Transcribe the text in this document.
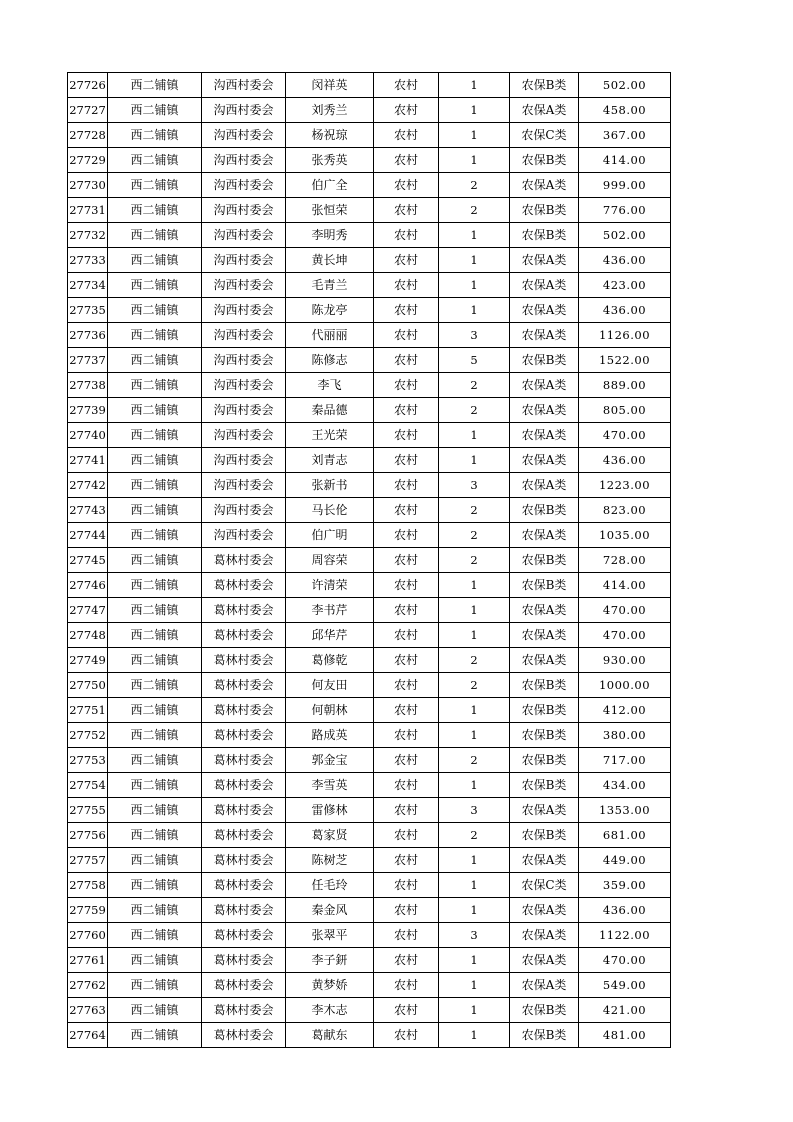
27726	西二铺镇	沟西村委会	闵祥英	农村	1	农保B类	502.00
27727	西二铺镇	沟西村委会	刘秀兰	农村	1	农保A类	458.00
27728	西二铺镇	沟西村委会	杨祝琼	农村	1	农保C类	367.00
27729	西二铺镇	沟西村委会	张秀英	农村	1	农保B类	414.00
27730	西二铺镇	沟西村委会	伯广全	农村	2	农保A类	999.00
27731	西二铺镇	沟西村委会	张恒荣	农村	2	农保B类	776.00
27732	西二铺镇	沟西村委会	李明秀	农村	1	农保B类	502.00
27733	西二铺镇	沟西村委会	黄长坤	农村	1	农保A类	436.00
27734	西二铺镇	沟西村委会	毛青兰	农村	1	农保A类	423.00
27735	西二铺镇	沟西村委会	陈龙亭	农村	1	农保A类	436.00
27736	西二铺镇	沟西村委会	代丽丽	农村	3	农保A类	1126.00
27737	西二铺镇	沟西村委会	陈修志	农村	5	农保B类	1522.00
27738	西二铺镇	沟西村委会	李飞	农村	2	农保A类	889.00
27739	西二铺镇	沟西村委会	秦品德	农村	2	农保A类	805.00
27740	西二铺镇	沟西村委会	王光荣	农村	1	农保A类	470.00
27741	西二铺镇	沟西村委会	刘青志	农村	1	农保A类	436.00
27742	西二铺镇	沟西村委会	张新书	农村	3	农保A类	1223.00
27743	西二铺镇	沟西村委会	马长伦	农村	2	农保B类	823.00
27744	西二铺镇	沟西村委会	伯广明	农村	2	农保A类	1035.00
27745	西二铺镇	葛林村委会	周容荣	农村	2	农保B类	728.00
27746	西二铺镇	葛林村委会	许清荣	农村	1	农保B类	414.00
27747	西二铺镇	葛林村委会	李书芹	农村	1	农保A类	470.00
27748	西二铺镇	葛林村委会	邱华芹	农村	1	农保A类	470.00
27749	西二铺镇	葛林村委会	葛修乾	农村	2	农保A类	930.00
27750	西二铺镇	葛林村委会	何友田	农村	2	农保B类	1000.00
27751	西二铺镇	葛林村委会	何朝林	农村	1	农保B类	412.00
27752	西二铺镇	葛林村委会	路成英	农村	1	农保B类	380.00
27753	西二铺镇	葛林村委会	郭金宝	农村	2	农保B类	717.00
27754	西二铺镇	葛林村委会	李雪英	农村	1	农保B类	434.00
27755	西二铺镇	葛林村委会	雷修林	农村	3	农保A类	1353.00
27756	西二铺镇	葛林村委会	葛家贤	农村	2	农保B类	681.00
27757	西二铺镇	葛林村委会	陈树芝	农村	1	农保A类	449.00
27758	西二铺镇	葛林村委会	任毛玲	农村	1	农保C类	359.00
27759	西二铺镇	葛林村委会	秦金风	农村	1	农保A类	436.00
27760	西二铺镇	葛林村委会	张翠平	农村	3	农保A类	1122.00
27761	西二铺镇	葛林村委会	李子鈃	农村	1	农保A类	470.00
27762	西二铺镇	葛林村委会	黄梦娇	农村	1	农保A类	549.00
27763	西二铺镇	葛林村委会	李木志	农村	1	农保B类	421.00
27764	西二铺镇	葛林村委会	葛献东	农村	1	农保B类	481.00
